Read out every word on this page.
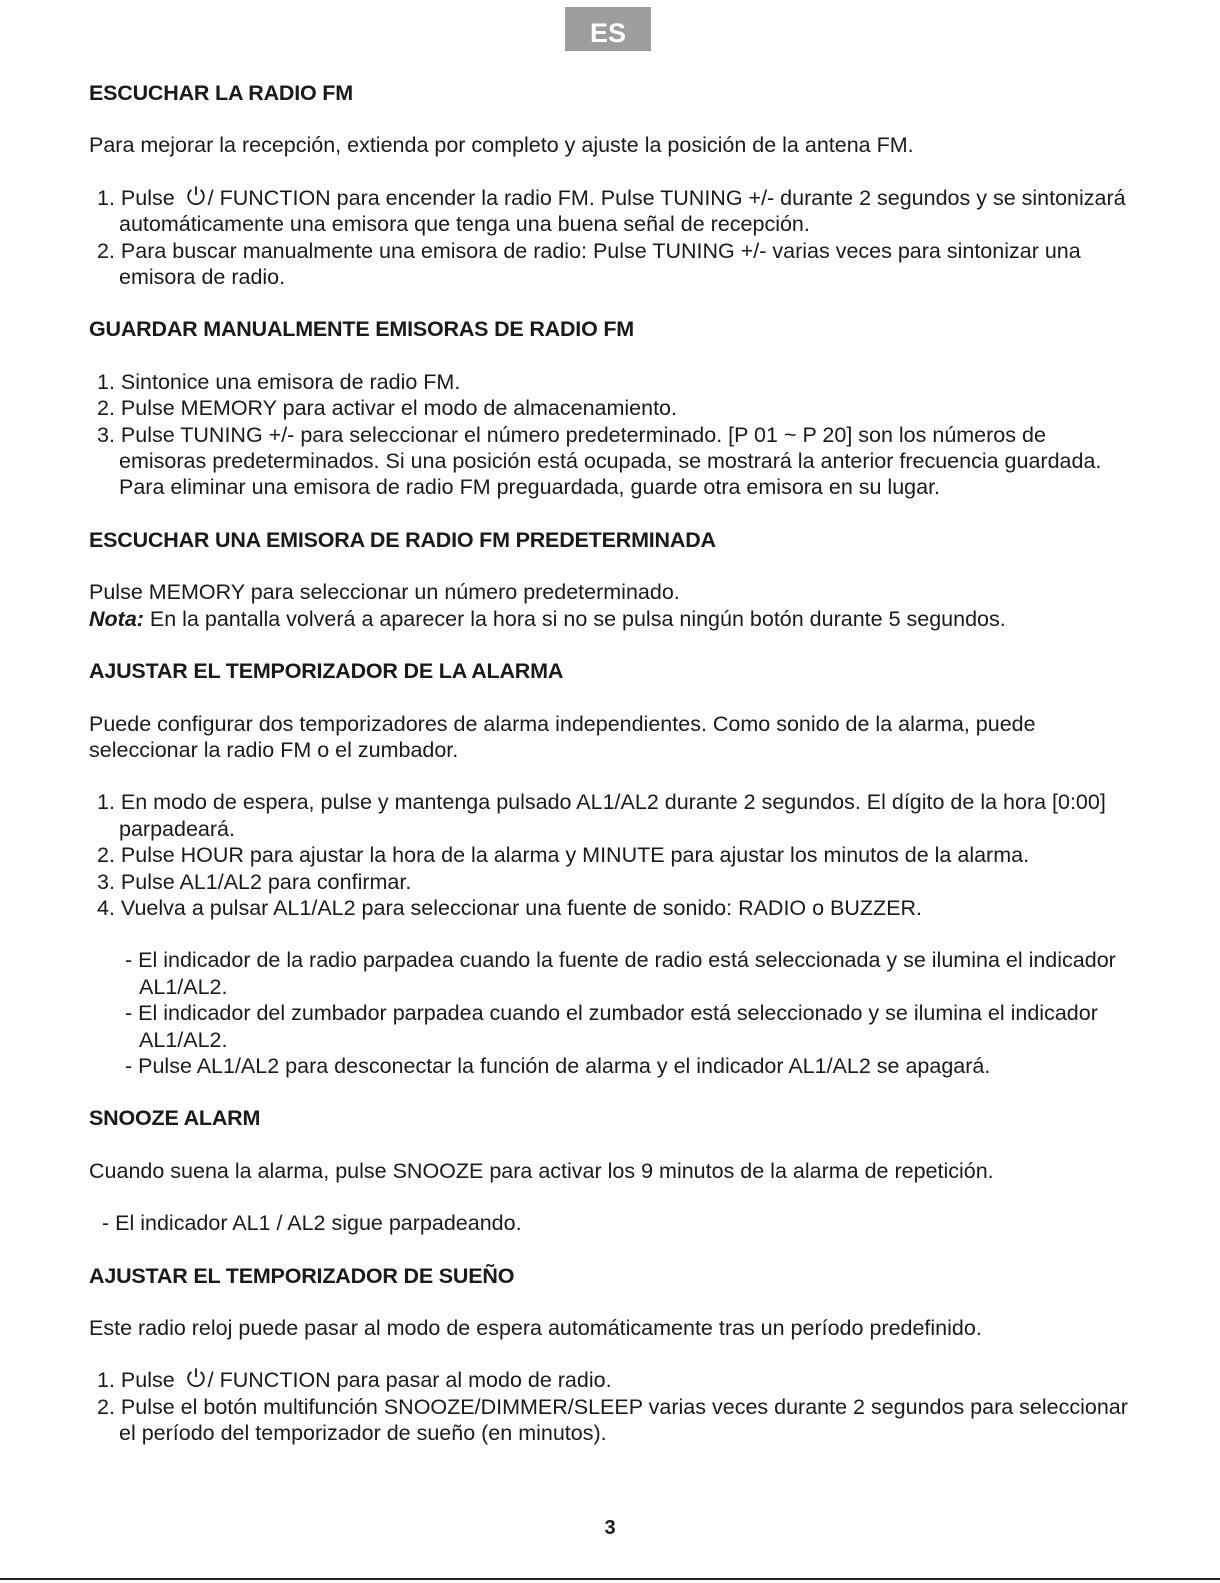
ES
ESCUCHAR LA RADIO FM

Para mejorar la recepción, extienda por completo y ajuste la posición de la antena FM.

1. Pulse / FUNCTION para encender la radio FM. Pulse TUNING +/- durante 2 segundos y se sintonizará automáticamente una emisora que tenga una buena señal de recepción.
2. Para buscar manualmente una emisora de radio: Pulse TUNING +/- varias veces para sintonizar una emisora de radio.
GUARDAR MANUALMENTE EMISORAS DE RADIO FM
1. Sintonice una emisora de radio FM.
2. Pulse MEMORY para activar el modo de almacenamiento.
3. Pulse TUNING +/- para seleccionar el número predeterminado. [P 01 ~ P 20] son los números de emisoras predeterminados. Si una posición está ocupada, se mostrará la anterior frecuencia guardada. Para eliminar una emisora de radio FM preguardada, guarde otra emisora en su lugar.
ESCUCHAR UNA EMISORA DE RADIO FM PREDETERMINADA

Pulse MEMORY para seleccionar un número predeterminado.

Nota: En la pantalla volverá a aparecer la hora si no se pulsa ningún botón durante 5 segundos.

AJUSTAR EL TEMPORIZADOR DE LA ALARMA

Puede configurar dos temporizadores de alarma independientes. Como sonido de la alarma, puede seleccionar la radio FM o el zumbador.

1. En modo de espera, pulse y mantenga pulsado AL1/AL2 durante 2 segundos. El dígito de la hora [0:00] parpadeará.
2. Pulse HOUR para ajustar la hora de la alarma y MINUTE para ajustar los minutos de la alarma.
3. Pulse AL1/AL2 para confirmar.
4. Vuelva a pulsar AL1/AL2 para seleccionar una fuente de sonido: RADIO o BUZZER.
- El indicador de la radio parpadea cuando la fuente de radio está seleccionada y se ilumina el indicador AL1/AL2.
- El indicador del zumbador parpadea cuando el zumbador está seleccionado y se ilumina el indicador AL1/AL2.
- Pulse AL1/AL2 para desconectar la función de alarma y el indicador AL1/AL2 se apagará.
SNOOZE ALARM

Cuando suena la alarma, pulse SNOOZE para activar los 9 minutos de la alarma de repetición.

- El indicador AL1 / AL2 sigue parpadeando.

AJUSTAR EL TEMPORIZADOR DE SUEÑO

Este radio reloj puede pasar al modo de espera automáticamente tras un período predefinido.

1. Pulse / FUNCTION para pasar al modo de radio.
2. Pulse el botón multifunción SNOOZE/DIMMER/SLEEP varias veces durante 2 segundos para seleccionar el período del temporizador de sueño (en minutos).
3
